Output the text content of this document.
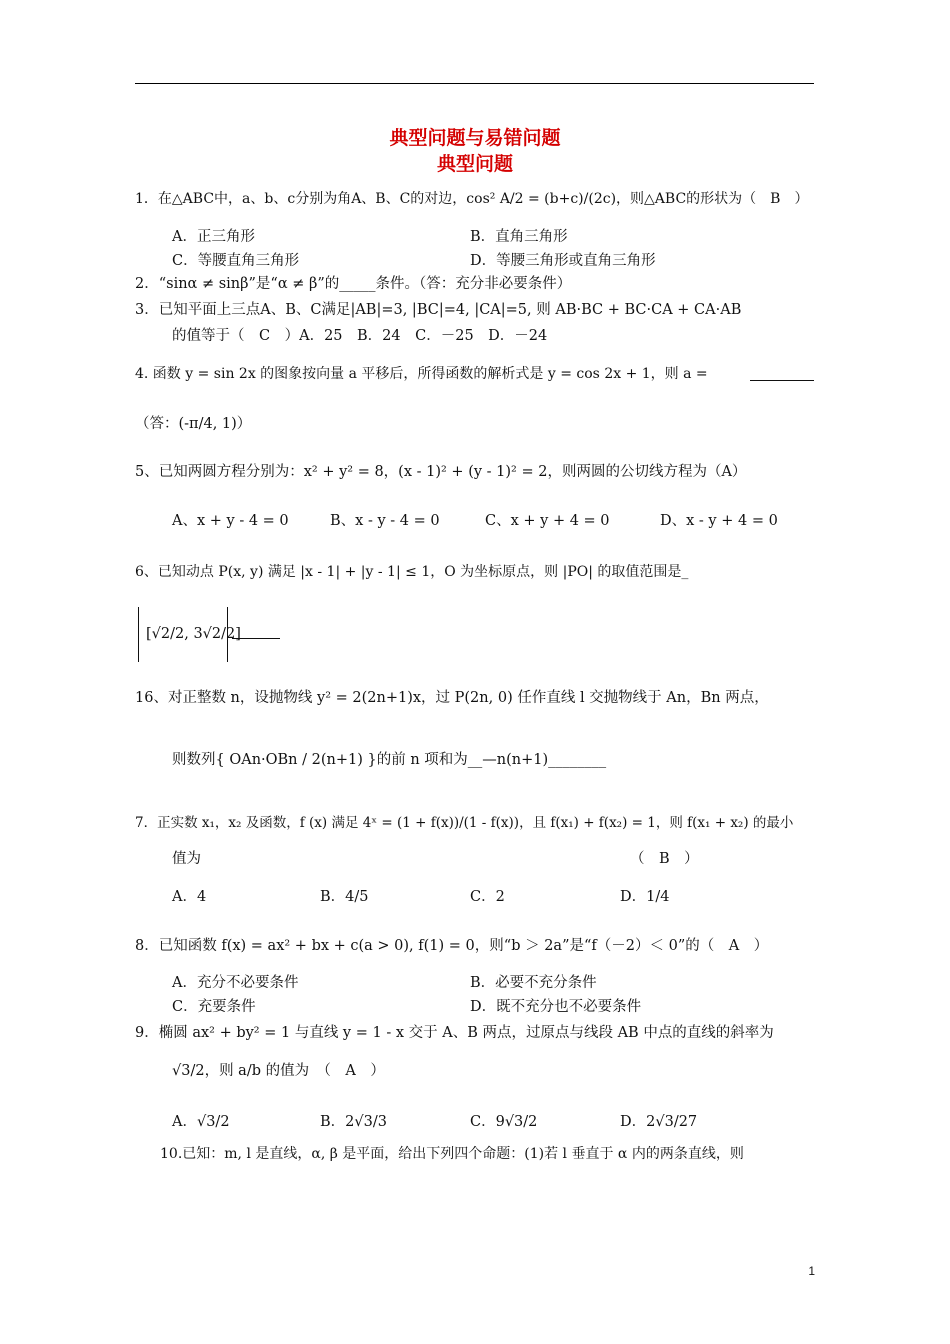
典型问题与易错问题
典型问题
1．在△ABC中，a、b、c分别为角A、B、C的对边，cos² A/2 = (b+c)/(2c)，则△ABC的形状为（　B　）
A．正三角形	B．直角三角形
C．等腰直角三角形	D．等腰三角形或直角三角形
2．“sinα ≠ sinβ”是“α ≠ β”的_____条件。（答：充分非必要条件）
3．已知平面上三点A、B、C满足|AB|=3, |BC|=4, |CA|=5, 则 AB·BC + BC·CA + CA·AB
的值等于（　C　）A．25　B．24　C．－25　D．－24
4. 函数 y = sin 2x 的图象按向量 a 平移后，所得函数的解析式是 y = cos 2x + 1，则 a =
（答：(-π/4, 1)）
5、已知两圆方程分别为：x² + y² = 8，(x - 1)² + (y - 1)² = 2，则两圆的公切线方程为（A）
A、x + y - 4 = 0	B、x - y - 4 = 0	C、x + y + 4 = 0	D、x - y + 4 = 0
6、已知动点 P(x, y) 满足 |x - 1| + |y - 1| ≤ 1，O 为坐标原点，则 |PO| 的取值范围是_
[√2/2, 3√2/2]
16、对正整数 n，设抛物线 y² = 2(2n+1)x，过 P(2n, 0) 任作直线 l 交抛物线于 An，Bn 两点，
则数列{ OAn·OBn / 2(n+1) }的前 n 项和为__—n(n+1)________
7．正实数 x₁，x₂ 及函数，f (x) 满足 4ˣ = (1 + f(x))/(1 - f(x))，且 f(x₁) + f(x₂) = 1，则 f(x₁ + x₂) 的最小
值为	（　B　）
A．4	B．4/5	C．2	D．1/4
8．已知函数 f(x) = ax² + bx + c(a > 0), f(1) = 0，则“b ＞ 2a”是“f（－2）＜ 0”的（　A　）
A．充分不必要条件	B．必要不充分条件
C．充要条件	D．既不充分也不必要条件
9．椭圆 ax² + by² = 1 与直线 y = 1 - x 交于 A、B 两点，过原点与线段 AB 中点的直线的斜率为
√3/2，则 a/b 的值为　（　A　）
A．√3/2	B．2√3/3	C．9√3/2	D．2√3/27
10.已知：m, l 是直线，α, β 是平面，给出下列四个命题：(1)若 l 垂直于 α 内的两条直线，则
1
